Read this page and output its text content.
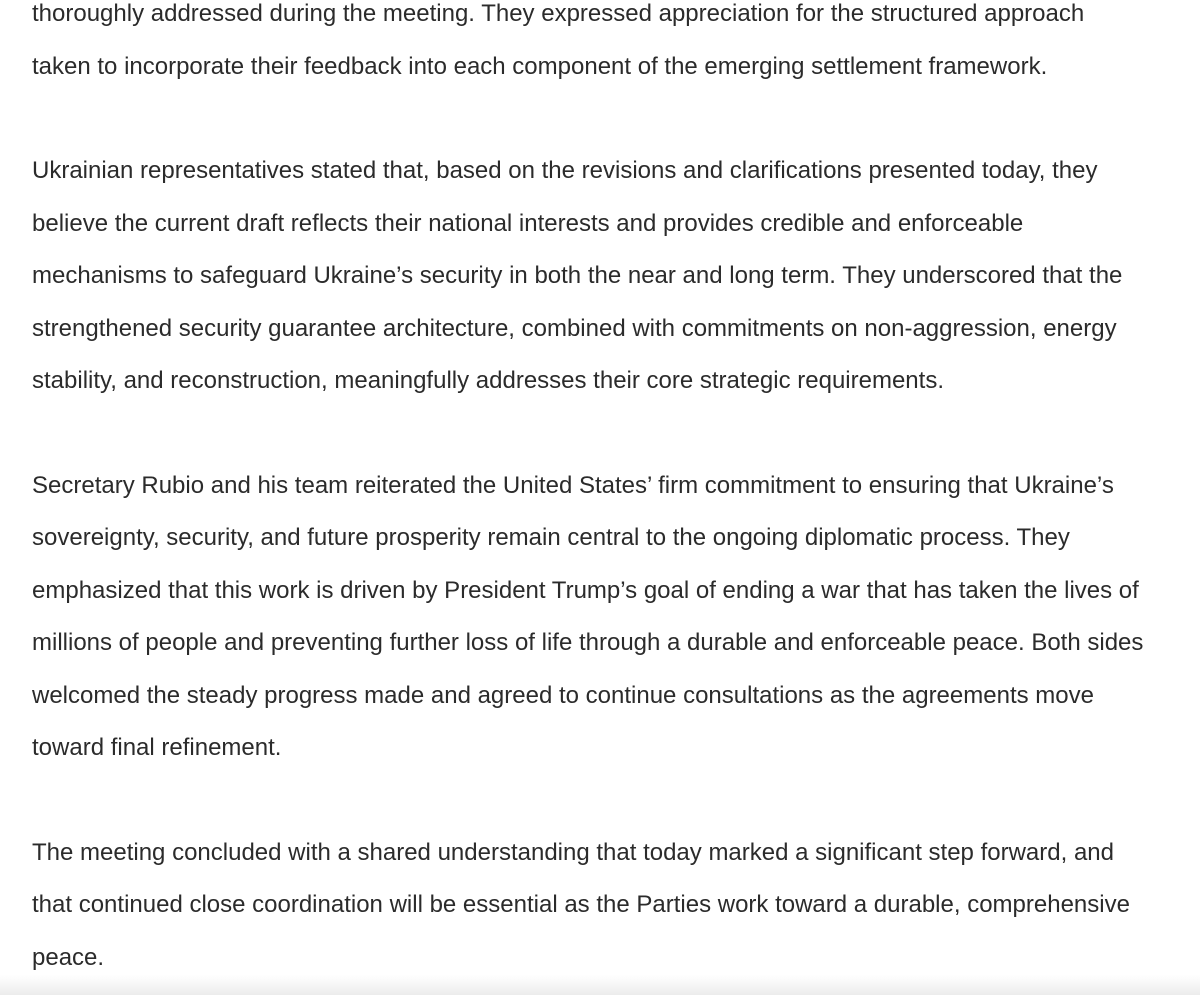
thoroughly addressed during the meeting. They expressed appreciation for the structured approach
taken to incorporate their feedback into each component of the emerging settlement framework.

Ukrainian representatives stated that, based on the revisions and clarifications presented today, they
believe the current draft reflects their national interests and provides credible and enforceable
mechanisms to safeguard Ukraine’s security in both the near and long term. They underscored that the
strengthened security guarantee architecture, combined with commitments on non-aggression, energy
stability, and reconstruction, meaningfully addresses their core strategic requirements.

Secretary Rubio and his team reiterated the United States’ firm commitment to ensuring that Ukraine’s
sovereignty, security, and future prosperity remain central to the ongoing diplomatic process. They
emphasized that this work is driven by President Trump’s goal of ending a war that has taken the lives of
millions of people and preventing further loss of life through a durable and enforceable peace. Both sides
welcomed the steady progress made and agreed to continue consultations as the agreements move
toward final refinement.

The meeting concluded with a shared understanding that today marked a significant step forward, and
that continued close coordination will be essential as the Parties work toward a durable, comprehensive
peace.
